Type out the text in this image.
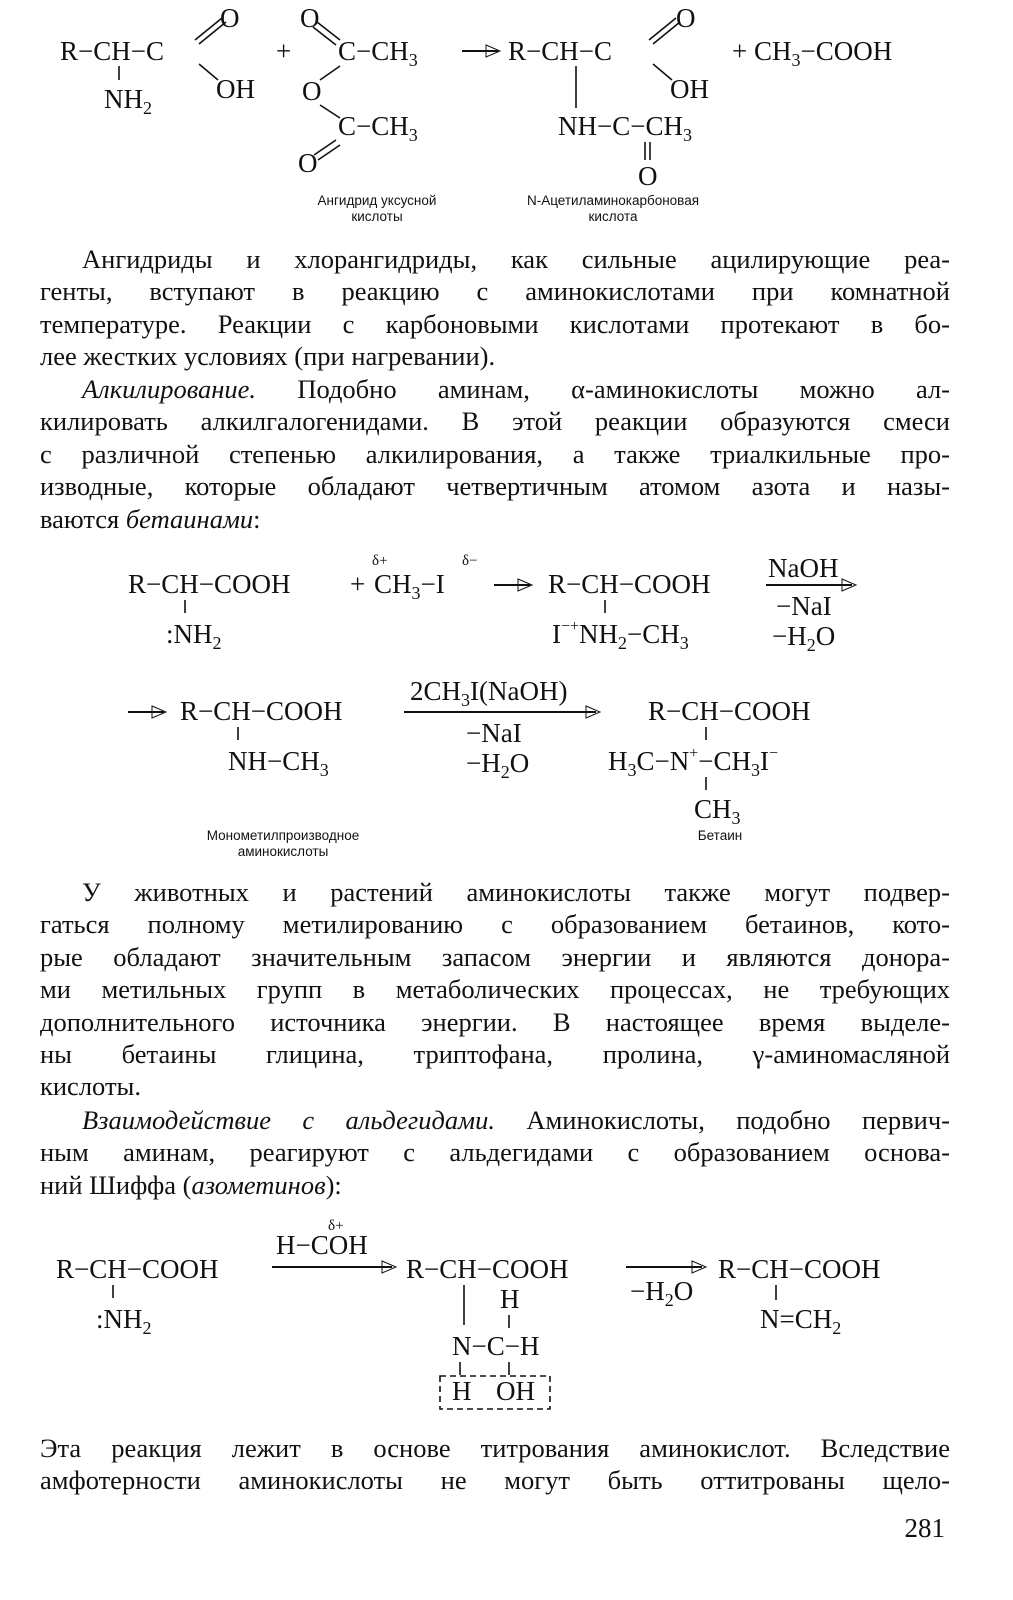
R−CH−C
O
OH
$NH_2$
+
O
$C-CH_3$
O
$C-CH_3$
O
R−CH−C
O
OH
$NH-C-CH_3$
O
+ $CH_3-COOH$
Ангидрид уксусной
кислоты
N-Ацетиламинокарбоновая
кислота
Ангидриды и хлорангидриды, как сильные ацилирующие реа-
генты, вступают в реакцию с аминокислотами при комнатной
температуре. Реакции с карбоновыми кислотами протекают в бо-
лее жестких условиях (при нагревании).
Алкилирование. Подобно аминам, α-аминокислоты можно ал-
килировать алкилгалогенидами. В этой реакции образуются смеси
с различной степенью алкилирования, а также триалкильные про-
изводные, которые обладают четвертичным атомом азота и назы-
ваются бетаинами:
R−CH−COOH
$:NH_2$
+
δ+	δ−
$CH_3-I$	R−CH−COOH
$I^{-+}NH_2-CH_3$
NaOH
−NaI
$-H_2O$
R−CH−COOH
$NH-CH_3$
$2CH_3I(NaOH)$
−NaI
$-H_2O$
R−CH−COOH
$H_3C-N^+-CH_3I^-$
$CH_3$
Монометилпроизводное
аминокислоты
Бетаин
У животных и растений аминокислоты также могут подвер-
гаться полному метилированию с образованием бетаинов, кото-
рые обладают значительным запасом энергии и являются донора-
ми метильных групп в метаболических процессах, не требующих
дополнительного источника энергии. В настоящее время выделе-
ны бетаины глицина, триптофана, пролина, γ-аминомасляной
кислоты.
Взаимодействие с альдегидами. Аминокислоты, подобно первич-
ным аминам, реагируют с альдегидами с образованием основа-
ний Шиффа (азометинов):
R−CH−COOH
$:NH_2$
δ+
H−COH
R−CH−COOH
H
N−C−H
H OH
$-H_2O$
R−CH−COOH
$N=CH_2$
Эта реакция лежит в основе титрования аминокислот. Вследствие
амфотерности аминокислоты не могут быть оттитрованы щело-
281
